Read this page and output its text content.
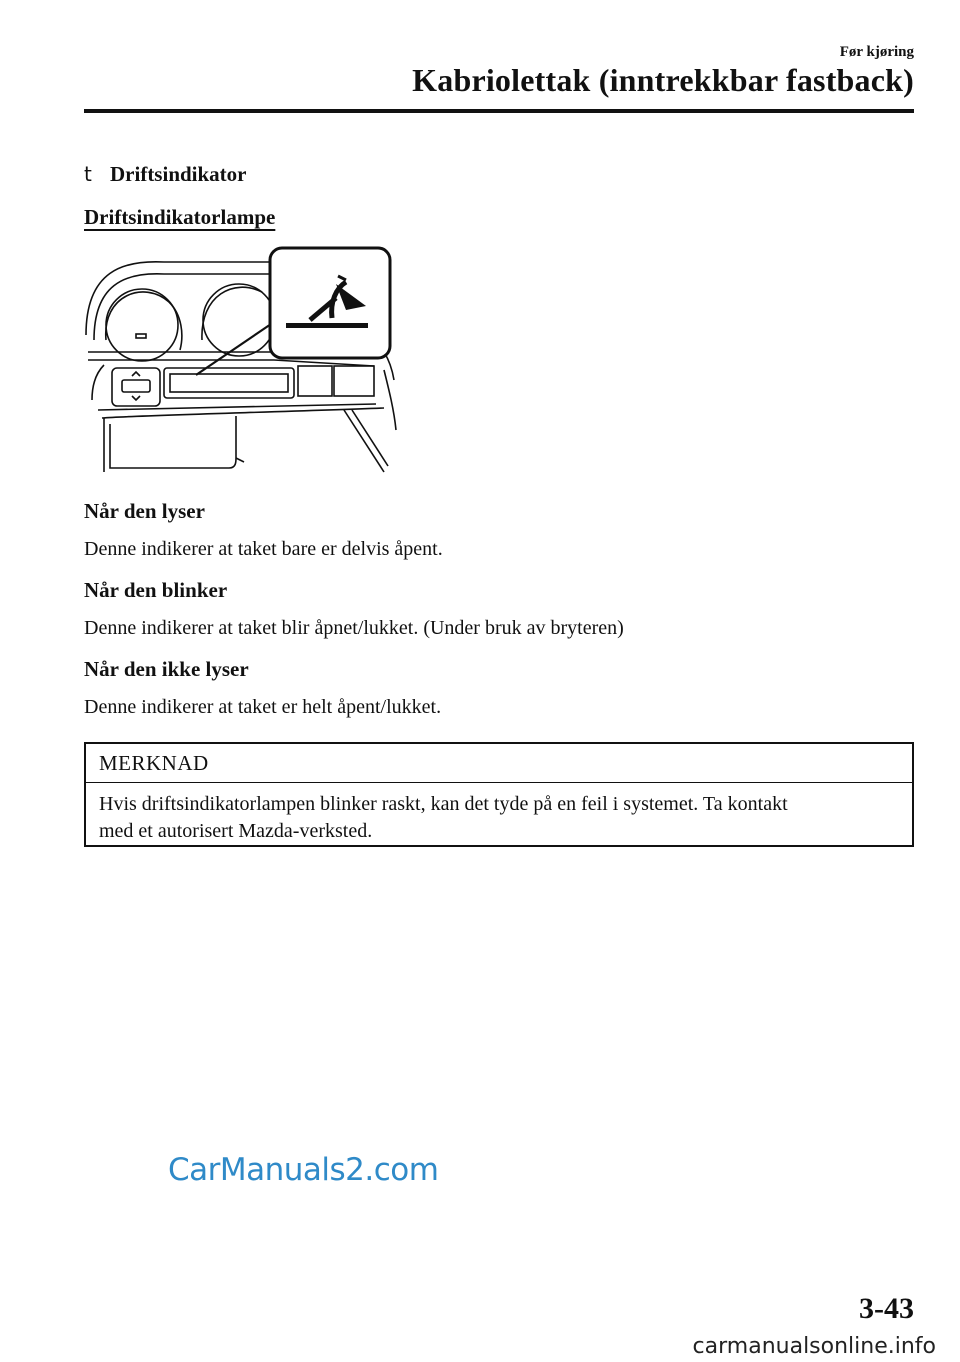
Før kjøring
Kabriolettak (inntrekkbar fastback)
t Driftsindikator
Driftsindikatorlampe
Når den lyser
Denne indikerer at taket bare er delvis åpent.
Når den blinker
Denne indikerer at taket blir åpnet/lukket. (Under bruk av bryteren)
Når den ikke lyser
Denne indikerer at taket er helt åpent/lukket.
MERKNAD
Hvis driftsindikatorlampen blinker raskt, kan det tyde på en feil i systemet. Ta kontakt
med et autorisert Mazda-verksted.
CarManuals2.com
3-43
carmanualsonline.info
